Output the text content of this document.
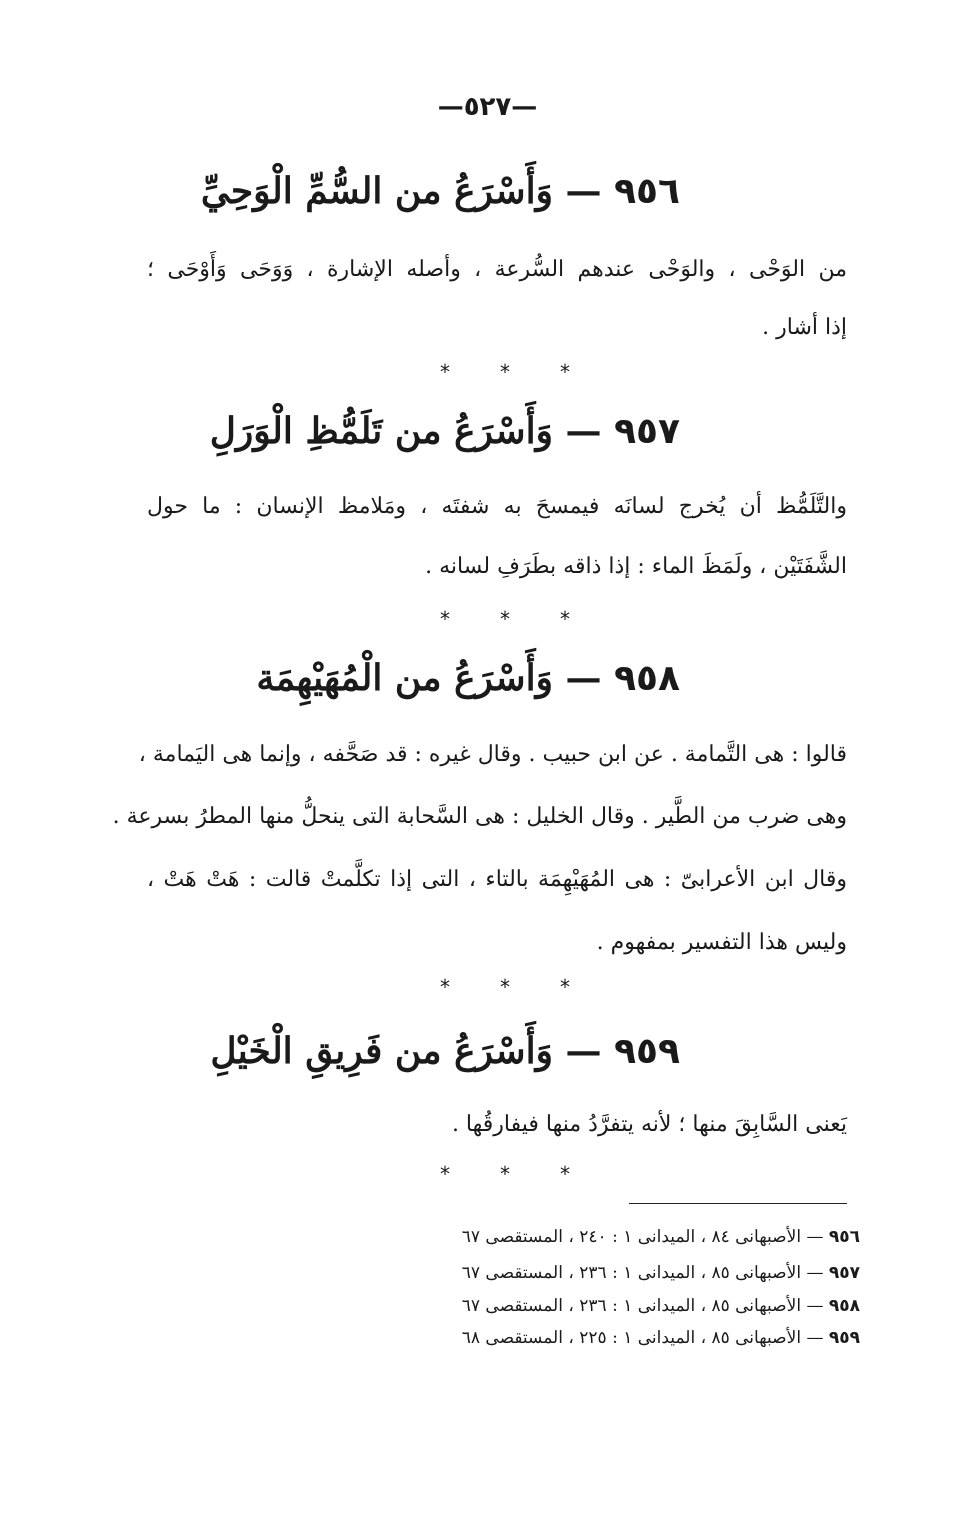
—٥٢٧—
٩٥٦ — وَأَسْرَعُ من السُّمِّ الْوَحِيِّ
من الوَحْى ، والوَحْى عندهم السُّرعة ، وأصله الإشارة ، وَوَحَى وَأَوْحَى ؛
إذا أشار .
*	*	*
٩٥٧ — وَأَسْرَعُ من تَلَمُّظِ الْوَرَلِ
والتَّلَمُّظ أن يُخرج لسانَه فيمسحَ به شفتَه ، ومَلامظ الإنسان : ما حول
الشَّفَتَيْن ، ولَمَظَ الماء : إذا ذاقه بطَرَفِ لسانه .
*	*	*
٩٥٨ — وَأَسْرَعُ من الْمُهَيْهِمَة
قالوا : هى التَّمامة . عن ابن حبيب . وقال غيره : قد صَحَّفه ، وإنما هى اليَمامة ،
وهى ضرب من الطَّير . وقال الخليل : هى السَّحابة التى ينحلُّ منها المطرُ بسرعة .
وقال ابن الأعرابىّ : هى المُهَيْهِمَة بالتاء ، التى إذا تكلَّمتْ قالت : هَتْ هَتْ ،
وليس هذا التفسير بمفهوم .
*	*	*
٩٥٩ — وَأَسْرَعُ من فَرِيقِ الْخَيْلِ
يَعنى السَّابِقَ منها ؛ لأنه يتفرَّدُ منها فيفارقُها .
*	*	*
٩٥٦ — الأصبهانى ٨٤ ، الميدانى ١ : ٢٤٠ ، المستقصى ٦٧
٩٥٧ — الأصبهانى ٨٥ ، الميدانى ١ : ٢٣٦ ، المستقصى ٦٧
٩٥٨ — الأصبهانى ٨٥ ، الميدانى ١ : ٢٣٦ ، المستقصى ٦٧
٩٥٩ — الأصبهانى ٨٥ ، الميدانى ١ : ٢٢٥ ، المستقصى ٦٨
